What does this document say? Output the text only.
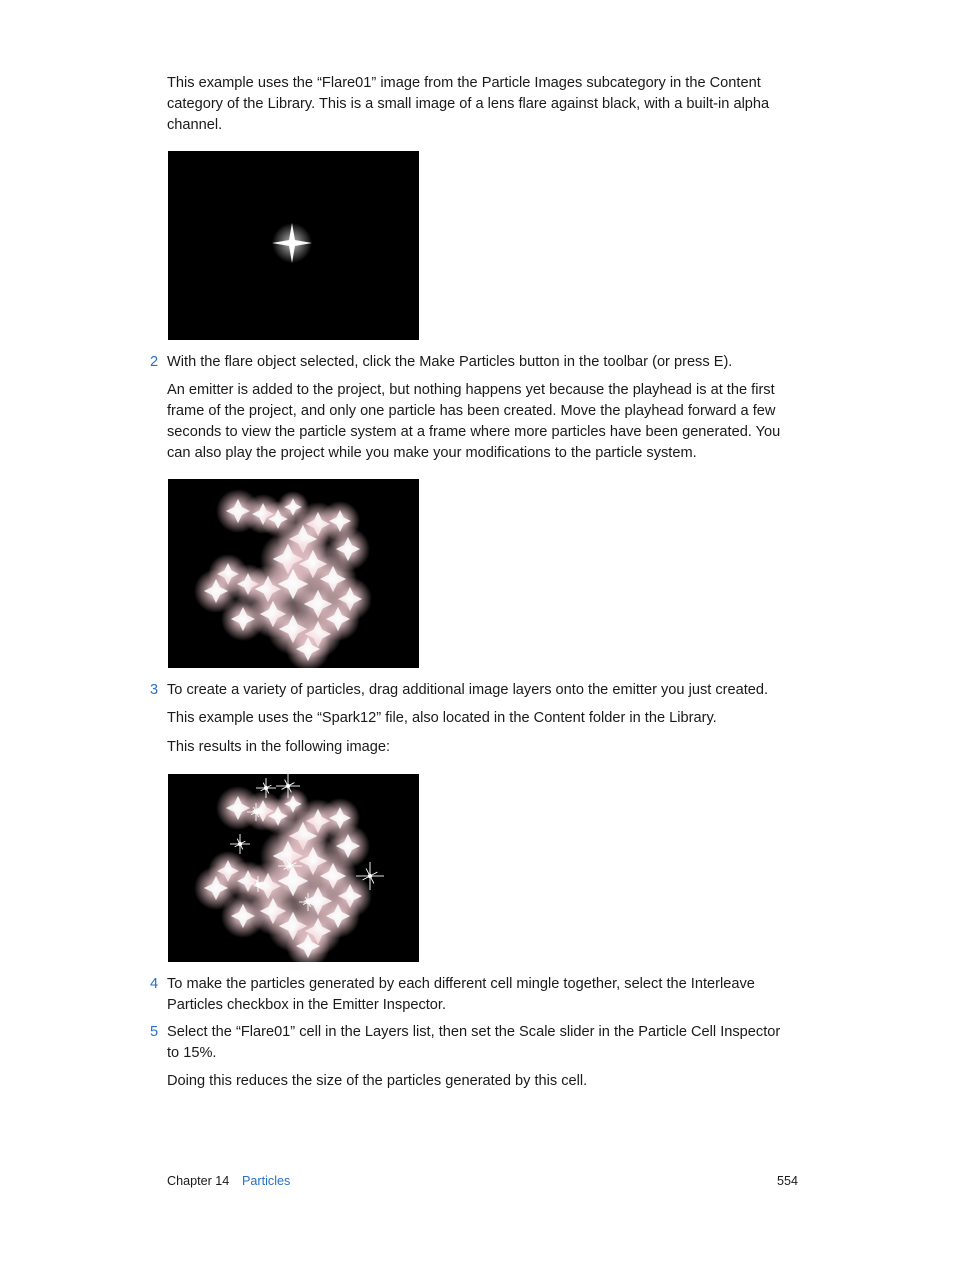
This example uses the “Flare01” image from the Particle Images subcategory in the Content category of the Library. This is a small image of a lens flare against black, with a built-in alpha channel.

2 With the flare object selected, click the Make Particles button in the toolbar (or press E).

An emitter is added to the project, but nothing happens yet because the playhead is at the first frame of the project, and only one particle has been created. Move the playhead forward a few seconds to view the particle system at a frame where more particles have been generated. You can also play the project while you make your modifications to the particle system.

3 To create a variety of particles, drag additional image layers onto the emitter you just created.

This example uses the “Spark12” file, also located in the Content folder in the Library.

This results in the following image:

4 To make the particles generated by each different cell mingle together, select the Interleave Particles checkbox in the Emitter Inspector.

5 Select the “Flare01” cell in the Layers list, then set the Scale slider in the Particle Cell Inspector to 15%.

Doing this reduces the size of the particles generated by this cell.

Chapter 14 Particles	554
